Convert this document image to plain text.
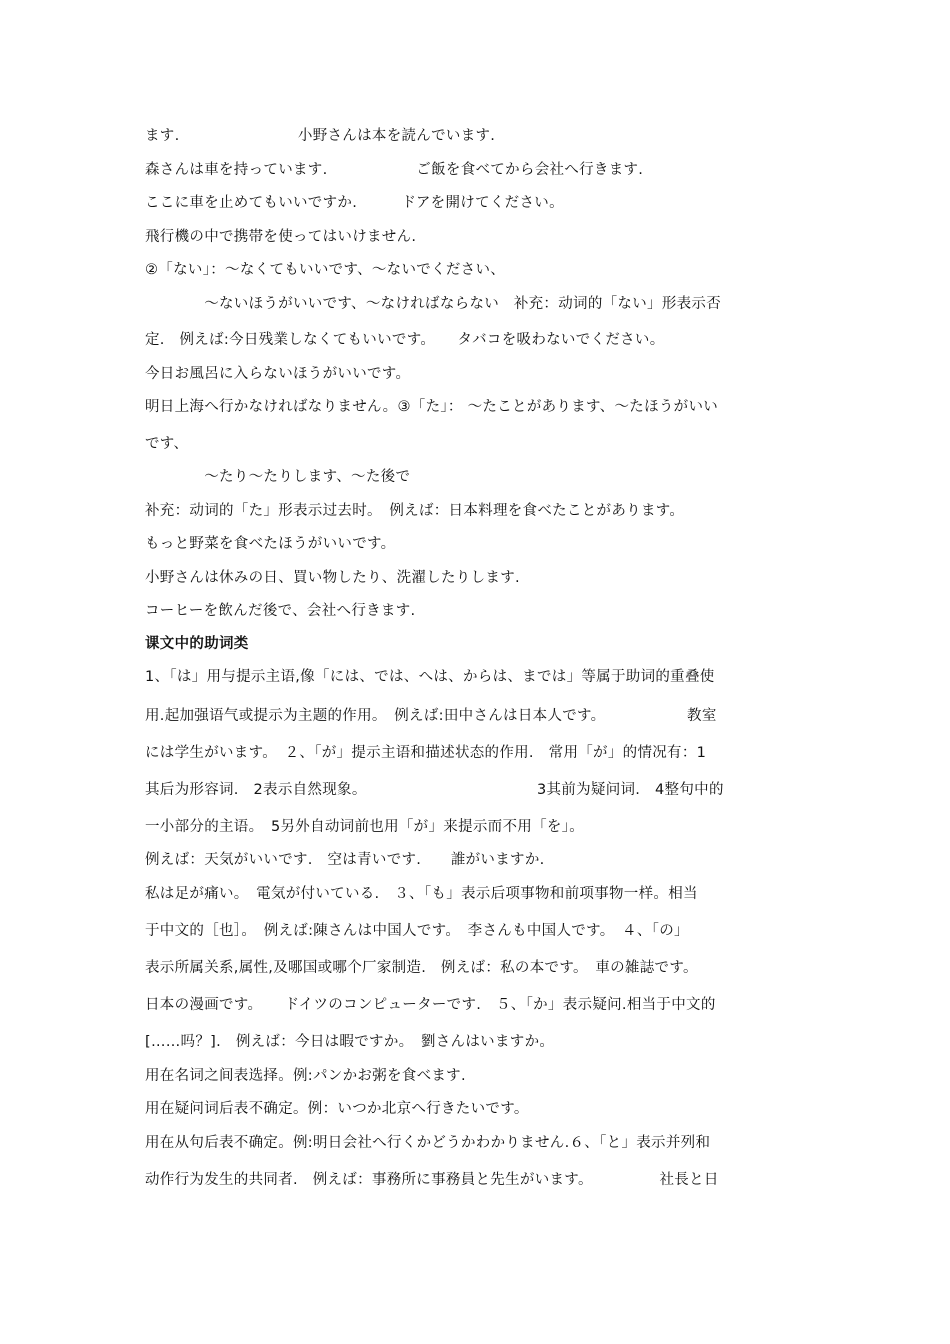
ます.　　　　　　　　小野さんは本を読んでいます.
森さんは車を持っています.　　　　　　ご飯を食べてから会社へ行きます.
ここに車を止めてもいいですか.　　　ドアを開けてください。
飛行機の中で携帯を使ってはいけません.
②「ない」：～なくてもいいです、～ないでください、
　　　　～ないほうがいいです、～なければならない　补充：动词的「ない」形表示否
定.　例えば:今日残業しなくてもいいです。　　タバコを吸わないでください。
今日お風呂に入らないほうがいいです。
明日上海へ行かなければなりません。③「た」： ～たことがあります、～たほうがいい
です、
　　　　～たり～たりします、～た後で
补充：动词的「た」形表示过去时。　例えば：日本料理を食べたことがあります。
もっと野菜を食べたほうがいいです。
小野さんは休みの日、買い物したり、洗濯したりします.
コーヒーを飲んだ後で、会社へ行きます.
课文中的助词类
1、「は」用与提示主语,像「には、では、へは、からは、までは」等属于助词的重叠使
用.起加强语气或提示为主题的作用。　例えば:田中さんは日本人です。　　　　　　教室
には学生がいます。　２、「が」提示主语和描述状态的作用.　常用「が」的情况有：1
其后为形容词.　2表示自然现象。　　　　　　　　　　　　3其前为疑问词.　4整句中的
一小部分的主语。　5另外自动词前也用「が」来提示而不用「を」。
例えば：天気がいいです.　空は青いです.　　誰がいますか.
私は足が痛い。　電気が付いている.　３、「も」表示后项事物和前项事物一样。相当
于中文的［也］。　例えば:陳さんは中国人です。　李さんも中国人です。　４、「の」
表示所属关系,属性,及哪国或哪个厂家制造.　例えば：私の本です。　車の雑誌です。
日本の漫画です。　　ドイツのコンピューターです.　５、「か」表示疑问.相当于中文的
[……吗？].　例えば：今日は暇ですか。　劉さんはいますか。
用在名词之间表选择。例:パンかお粥を食べます.
用在疑问词后表不确定。例：いつか北京へ行きたいです。
用在从句后表不确定。例:明日会社へ行くかどうかわかりません.６、「と」表示并列和
动作行为发生的共同者.　例えば：事務所に事務員と先生がいます。　　　　　社長と日
